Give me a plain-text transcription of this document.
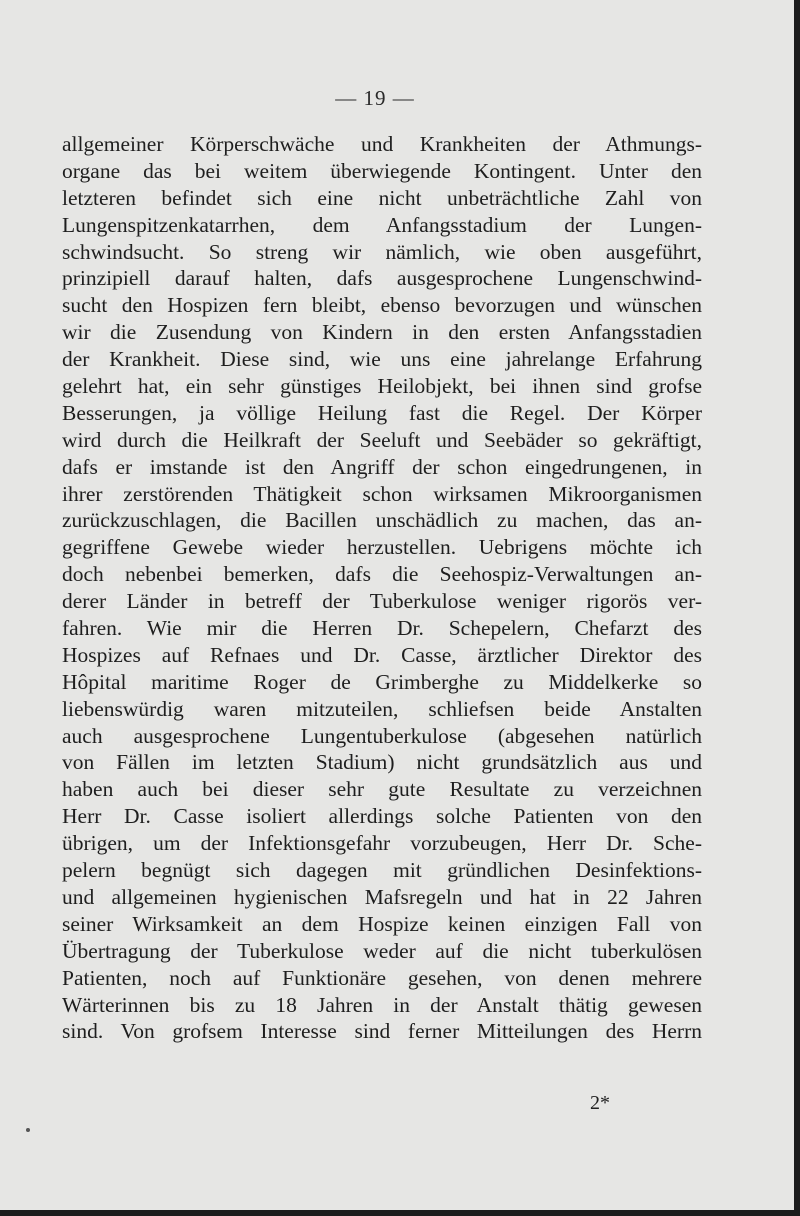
— 19 —
allgemeiner Körperschwäche und Krankheiten der Athmungs-
organe das bei weitem überwiegende Kontingent. Unter den
letzteren befindet sich eine nicht unbeträchtliche Zahl von
Lungenspitzenkatarrhen, dem Anfangsstadium der Lungen-
schwindsucht. So streng wir nämlich, wie oben ausgeführt,
prinzipiell darauf halten, dafs ausgesprochene Lungenschwind-
sucht den Hospizen fern bleibt, ebenso bevorzugen und wünschen
wir die Zusendung von Kindern in den ersten Anfangsstadien
der Krankheit. Diese sind, wie uns eine jahrelange Erfahrung
gelehrt hat, ein sehr günstiges Heilobjekt, bei ihnen sind grofse
Besserungen, ja völlige Heilung fast die Regel. Der Körper
wird durch die Heilkraft der Seeluft und Seebäder so gekräftigt,
dafs er imstande ist den Angriff der schon eingedrungenen, in
ihrer zerstörenden Thätigkeit schon wirksamen Mikroorganismen
zurückzuschlagen, die Bacillen unschädlich zu machen, das an-
gegriffene Gewebe wieder herzustellen. Uebrigens möchte ich
doch nebenbei bemerken, dafs die Seehospiz-Verwaltungen an-
derer Länder in betreff der Tuberkulose weniger rigorös ver-
fahren. Wie mir die Herren Dr. Schepelern, Chefarzt des
Hospizes auf Refnaes und Dr. Casse, ärztlicher Direktor des
Hôpital maritime Roger de Grimberghe zu Middelkerke so
liebenswürdig waren mitzuteilen, schliefsen beide Anstalten
auch ausgesprochene Lungentuberkulose (abgesehen natürlich
von Fällen im letzten Stadium) nicht grundsätzlich aus und
haben auch bei dieser sehr gute Resultate zu verzeichnen
Herr Dr. Casse isoliert allerdings solche Patienten von den
übrigen, um der Infektionsgefahr vorzubeugen, Herr Dr. Sche-
pelern begnügt sich dagegen mit gründlichen Desinfektions-
und allgemeinen hygienischen Mafsregeln und hat in 22 Jahren
seiner Wirksamkeit an dem Hospize keinen einzigen Fall von
Übertragung der Tuberkulose weder auf die nicht tuberkulösen
Patienten, noch auf Funktionäre gesehen, von denen mehrere
Wärterinnen bis zu 18 Jahren in der Anstalt thätig gewesen
sind. Von grofsem Interesse sind ferner Mitteilungen des Herrn
2*
